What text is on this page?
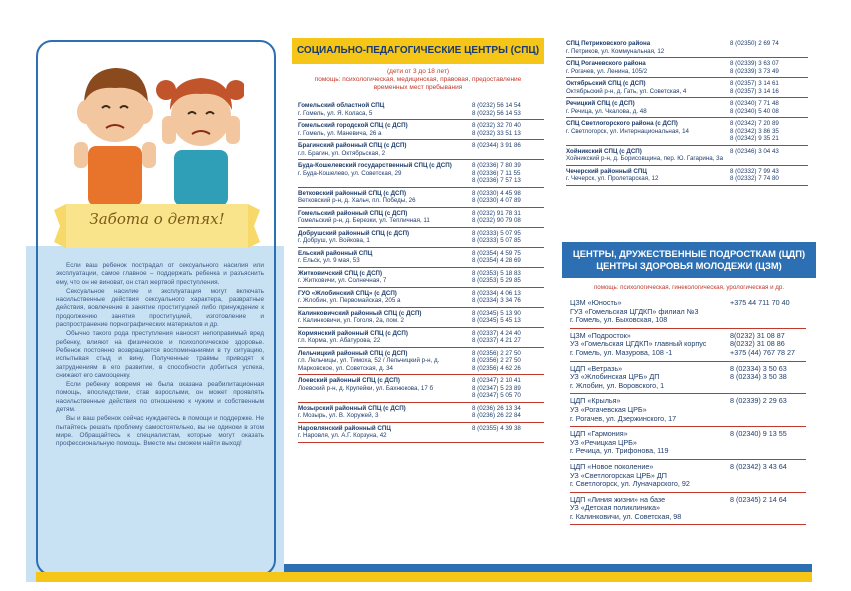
Забота о детях!

Если ваш ребенок пострадал от сексуального насилия или эксплуатации, самое главное – поддержать ребенка и разъяснить ему, что он не виноват, он стал жертвой преступления.

Сексуальное насилие и эксплуатация могут включать насильственные действия сексуального характера, развратные действия, вовлечение в занятие проституцией либо принуждение к продолжению занятия проституцией, изготовление и распространение порнографических материалов и др.

Обычно такого рода преступления наносят непоправимый вред ребенку, влияют на физическое и психологическое здоровье. Ребенок постоянно возвращается воспоминаниями в ту ситуацию, испытывая стыд и вину. Полученные травмы приводят к затруднениям в его развитии, в способности добиться успеха, снижают его самооценку.

Если ребенку вовремя не была оказана реабилитационная помощь, впоследствии, став взрослыми, он может проявлять насильственные действия по отношению к чужим и собственным детям.

Вы и ваш ребенок сейчас нуждаетесь в помощи и поддержке. Не пытайтесь решать проблему самостоятельно, вы не одиноки в этом мире. Обращайтесь к специалистам, которые могут оказать профессиональную помощь. Вместе мы сможем найти выход!

СОЦИАЛЬНО-ПЕДАГОГИЧЕСКИЕ ЦЕНТРЫ (СПЦ)
(дети от 3 до 18 лет)
помощь: психологическая, медицинская, правовая, предоставление временных мест пребывания
Гомельский областной СПЦ
г. Гомель, ул. Я. Коласа, 5
8 (0232) 56 14 54
8 (0232) 56 14 53
Гомельский городской СПЦ (с ДСП)
г. Гомель, ул. Маневича, 26 а
8 (0232) 32 70 40
8 (0232) 33 51 13
Брагинский районный СПЦ (с ДСП)
г.п. Брагин, ул. Октябрьская, 2
8 (02344) 3 91 86
Буда-Кошелевский государственный СПЦ (с ДСП)
г. Буда-Кошелево, ул. Советская, 29
8 (02336) 7 80 39
8 (02336) 7 11 55
8 (02336) 7 57 13
Ветковский районный СПЦ (с ДСП)
Ветковский р-н, д. Хальч, пл. Победы, 26
8 (02330) 4 45 98
8 (02330) 4 07 89
Гомельский районный СПЦ (с ДСП)
Гомельский р-н, д. Березки, ул. Тепличная, 11
8 (0232) 91 78 31
8 (0232) 90 79 08
Добрушский районный СПЦ (с ДСП)
г. Добруш, ул. Войкова, 1
8 (02333) 5 07 95
8 (02333) 5 07 85
Ельский районный СПЦ
г. Ельск, ул. 9 мая, 53
8 (02354) 4 59 75
8 (02354) 4 28 69
Житковичский СПЦ (с ДСП)
г. Житковичи, ул. Солнечная, 7
8 (02353) 5 18 83
8 (02353) 5 29 85
ГУО «Жлобинский СПЦ» (с ДСП)
г. Жлобин, ул. Первомайская, 205 а
8 (02334) 4 06 13
8 (02334) 3 34 76
Калинковичский районный СПЦ (с ДСП)
г. Калинковичи, ул. Гоголя, 2а, пом. 2
8 (02345) 5 13 90
8 (02345) 5 45 13
Кормянский районный СПЦ (с ДСП)
г.п. Корма, ул. Абатурова, 22
8 (02337) 4 24 40
8 (02337) 4 21 27
Лельчицкий районный СПЦ (с ДСП)
г.п. Лельчицы, ул. Тимоха, 52 / Лельчицкий р-н, д. Марковское, ул. Советская, д. 34
8 (02356) 2 27 50
8 (02356) 2 27 50
8 (02356) 4 62 26
Лоевский районный СПЦ (с ДСП)
Лоевский р-н, д. Крупейки, ул. Бахнюкова, 17 б
8 (02347) 2 10 41
8 (02347) 5 23 89
8 (02347) 5 05 70
Мозырский районный СПЦ (с ДСП)
г. Мозырь, ул. В. Хоружей, 3
8 (0236) 26 13 34
8 (0236) 26 22 84
Наровлянский районный СПЦ
г. Наровля, ул. А.Г. Корзуна, 42
8 (02355) 4 39 38
СПЦ Петриковского района
г. Петриков, ул. Коммунальная, 12
8 (02350) 2 69 74
СПЦ Рогачевского района
г. Рогачев, ул. Ленина, 105/2
8 (02339) 3 63 07
8 (02339) 3 73 49
Октябрьский СПЦ (с ДСП)
Октябрьский р-н, д. Гать, ул. Советская, 4
8 (02357) 3 14 61
8 (02357) 3 14 16
Речицкий СПЦ (с ДСП)
г. Речица, ул. Чкалова, д. 48
8 (02340) 7 71 48
8 (02340) 5 40 08
СПЦ Светлогорского района (с ДСП)
г. Светлогорск, ул. Интернациональная, 14
8 (02342) 7 20 89
8 (02342) 3 86 35
8 (02342) 9 35 21
Хойникский СПЦ (с ДСП)
Хойникский р-н, д. Борисовщина, пер. Ю. Гагарина, 3а
8 (02346) 3 04 43
Чечерский районный СПЦ
г. Чечерск, ул. Пролетарская, 12
8 (02332) 7 99 43
8 (02332) 7 74 80
ЦЕНТРЫ, ДРУЖЕСТВЕННЫЕ ПОДРОСТКАМ (ЦДП)
ЦЕНТРЫ ЗДОРОВЬЯ МОЛОДЕЖИ (ЦЗМ)
помощь: психологическая, гинекологическая, урологическая и др.
ЦЗМ «Юность»
ГУЗ «Гомельская ЦГДКП» филиал №3
г. Гомель, ул. Быховская, 108
+375 44 711 70 40
ЦЗМ «Подросток»
УЗ «Гомельская ЦГДКП» главный корпус
г. Гомель, ул. Мазурова, 108 -1
8(0232) 31 08 87
8(0232) 31 08 86
+375 (44) 767 78 27
ЦДП «Ветразь»
УЗ «Жлобинская ЦРБ» ДП
г. Жлобин, ул. Воровского, 1
8 (02334) 3 50 63
8 (02334) 3 50 38
ЦДП «Крылья»
УЗ «Рогачевская ЦРБ»
г. Рогачев, ул. Дзержинского, 17
8 (02339) 2 29 63
ЦДП «Гармония»
УЗ «Речицкая ЦРБ»
г. Речица, ул. Трифонова, 119
8 (02340) 9 13 55
ЦДП «Новое поколение»
УЗ «Светлогорская ЦРБ» ДП
г. Светлогорск, ул. Луначарского, 92
8 (02342) 3 43 64
ЦДП «Линия жизни» на базе
УЗ «Детская поликлиника»
г. Калинковичи, ул. Советская, 98
8 (02345) 2 14 64
